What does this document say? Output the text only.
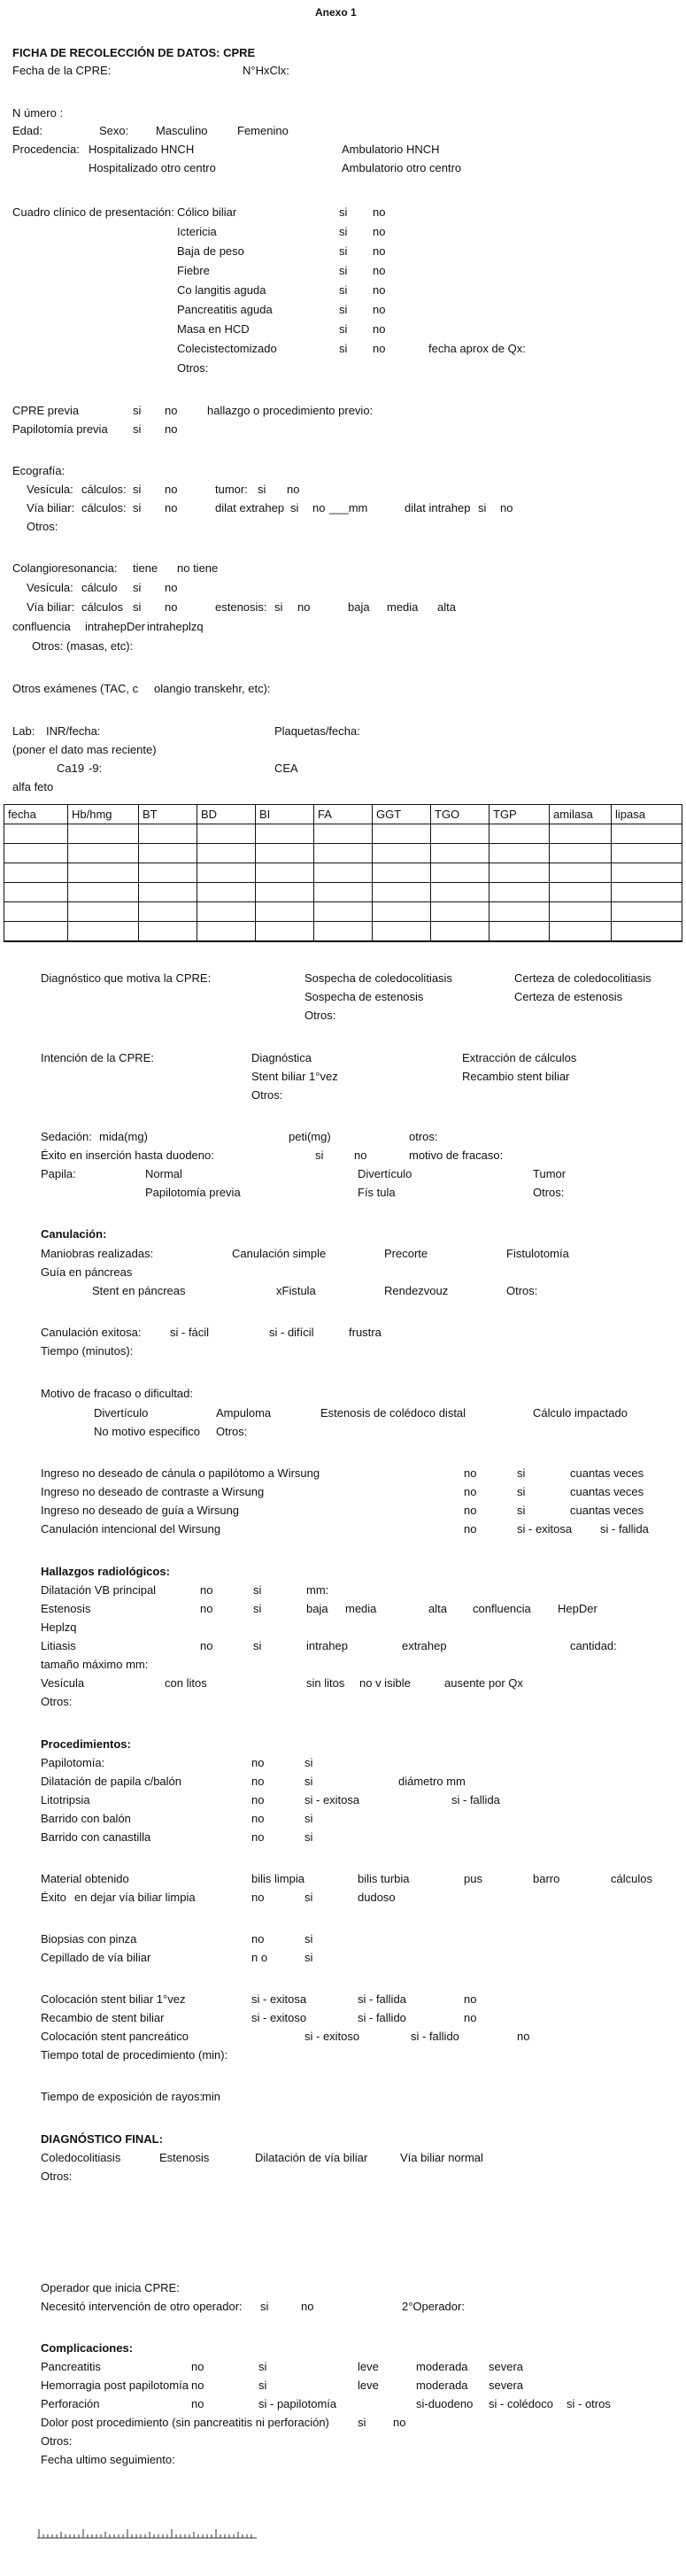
Anexo 1
FICHA DE RECOLECCIÓN DE DATOS: CPRE
Fecha de la CPRE:	N°HxClx:
N úmero :
Edad:	Sexo: Masculino	Femenino
Procedencia: Hospitalizado HNCH	Ambulatorio HNCH
Hospitalizado otro centro	Ambulatorio otro centro
Cuadro clínico de presentación: Cólico biliar	si no
Ictericia	si no
Baja de peso	si no
Fiebre	si no
Co langitis aguda	si no
Pancreatitis aguda	si no
Masa en HCD	si no
Colecistectomizado	si no	fecha aprox de Qx:
Otros:
CPRE previa	si no	hallazgo o procedimiento previo:
Papilotomía previa si no
Ecografía:
Vesícula: cálculos: si no	tumor: si no
Vía biliar: cálculos: si no	dilat extrahep si no ___mm	dilat intrahep si no
Otros:
Colangioresonancia: tiene no tiene
Vesícula: cálculo si no
Vía biliar: cálculos si no	estenosis: si no	baja media alta
confluencia intrahepDer intraheplzq
Otros: (masas, etc):
Otros exámenes (TAC, c olangio transkehr, etc):
Lab: INR/fecha:	Plaquetas/fecha:
(poner el dato mas reciente)
Ca19 -9:	CEA
alfa feto
fecha	Hb/hmg	BT	BD	BI	FA	GGT	TGO	TGP	amilasa	lipasa

Diagnóstico que motiva la CPRE:	Sospecha de coledocolitiasis	Certeza de coledocolitiasis
Sospecha de estenosis	Certeza de estenosis
Otros:
Intención de la CPRE:	Diagnóstica	Extracción de cálculos
Stent biliar 1°vez	Recambio stent biliar
Otros:
Sedación: mida(mg)	peti(mg)	otros:
Éxito en inserción hasta duodeno:	si	no	motivo de fracaso:
Papila:	Normal	Divertículo	Tumor
Papilotomía previa	Fís tula	Otros:
Canulación:
Maniobras realizadas:	Canulación simple	Precorte	Fistulotomía
Guía en páncreas
Stent en páncreas	xFistula	Rendezvouz	Otros:
Canulación exitosa:	si - fácil	si - difícil	frustra
Tiempo (minutos):
Motivo de fracaso o dificultad:
Divertículo	Ampuloma	Estenosis de colédoco distal	Cálculo impactado
No motivo especifico Otros:
Ingreso no deseado de cánula o papilótomo a Wirsung	no	si	cuantas veces
Ingreso no deseado de contraste a Wirsung	no	si	cuantas veces
Ingreso no deseado de guía a Wirsung	no	si	cuantas veces
Canulación intencional del Wirsung	no	si - exitosa si - fallida
Hallazgos radiológicos:
Dilatación VB principal	no	si	mm:
Estenosis	no	si	baja media	alta confluencia HepDer
Heplzq
Litiasis	no	si	intrahep	extrahep	cantidad:
tamaño máximo mm:
Vesícula	con litos	sin litos no v isible	ausente por Qx
Otros:
Procedimientos:
Papilotomía:	no	si
Dilatación de papila c/balón	no	si	diámetro mm
Litotripsia	no	si - exitosa	si - fallida
Barrido con balón	no	si
Barrido con canastilla	no	si
Material obtenido	bilis limpia	bilis turbia	pus	barro	cálculos
Éxito en dejar vía biliar limpia	no	si	dudoso
Biopsias con pinza	no	si
Cepillado de vía biliar	n o	si
Colocación stent biliar 1°vez	si - exitosa	si - fallida	no
Recambio de stent biliar	si - exitoso	si - fallido	no
Colocación stent pancreático	si - exitoso	si - fallido	no
Tiempo total de procedimiento (min):
Tiempo de exposición de rayos:
min
DIAGNÓSTICO FINAL:
Coledocolitiasis	Estenosis	Dilatación de vía biliar	Vía biliar normal
Otros:
Operador que inicia CPRE:
Necesitó intervención de otro operador: si	no	2°Operador:
Complicaciones:
Pancreatitis	no	si	leve	moderada severa
Hemorragia post papilotomía no	si	leve	moderada severa
Perforación	no	si - papilotomía	si-duodeno si - colédoco si - otros
Dolor post procedimiento (sin pancreatitis ni perforación) si no
Otros:
Fecha ultimo seguimiento:
